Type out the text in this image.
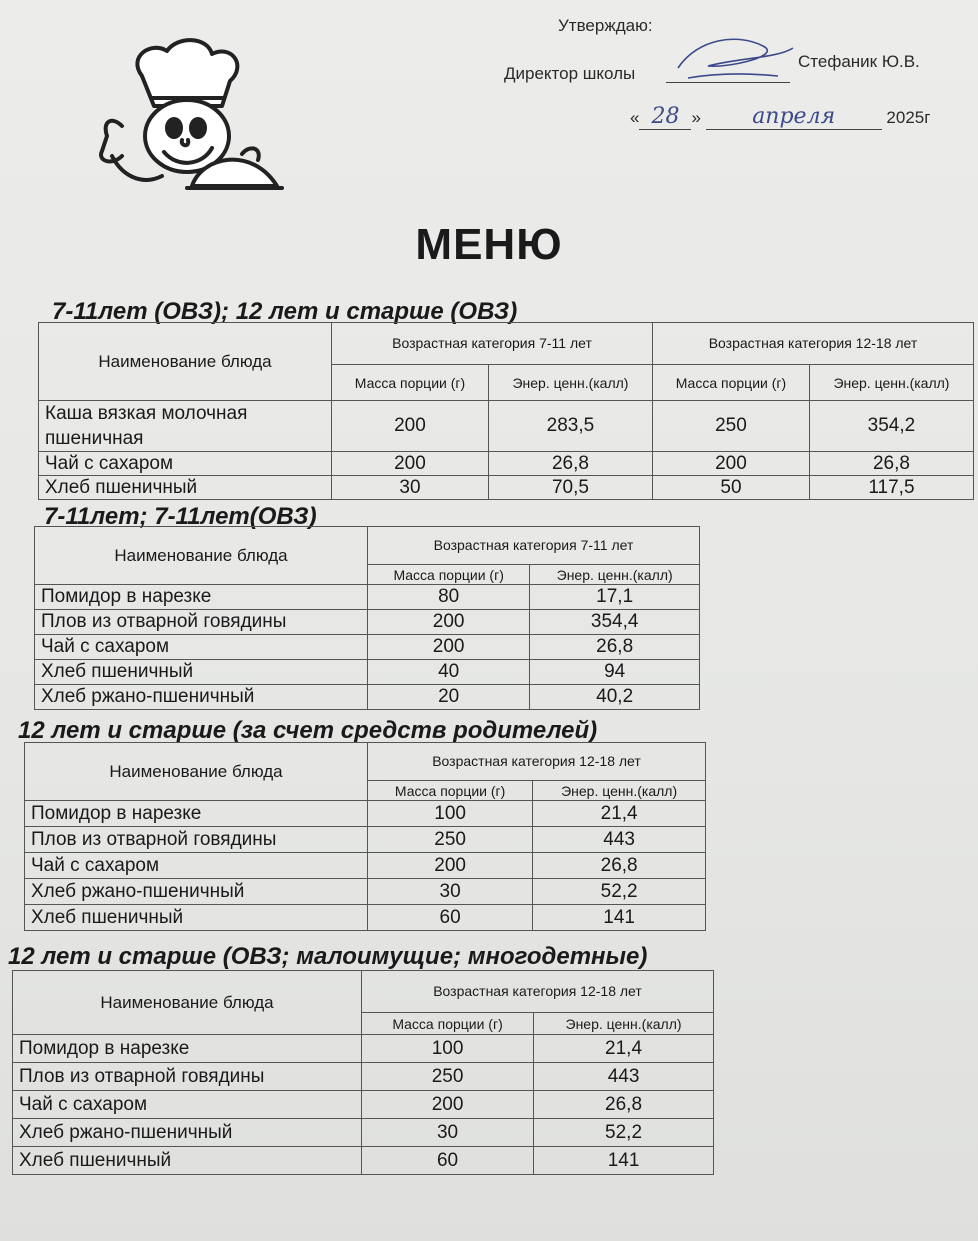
Утверждаю:
Директор школы
Стефаник Ю.В.
« 28 » апреля	2025г
МЕНЮ
7-11лет (ОВЗ); 12 лет и старше (ОВЗ)
Наименование блюда	Возрастная категория 7-11 лет		Возрастная категория 12-18 лет	
	Масса порции (г)	Энер. ценн.(калл)	Масса порции (г)	Энер. ценн.(калл)
Каша вязкая молочная пшеничная	200	283,5	250	354,2
Чай с сахаром	200	26,8	200	26,8
Хлеб пшеничный	30	70,5	50	117,5
7-11лет; 7-11лет(ОВЗ)
Наименование блюда	Возрастная категория 7-11 лет	
	Масса порции (г)	Энер. ценн.(калл)
Помидор в нарезке	80	17,1
Плов из отварной говядины	200	354,4
Чай с сахаром	200	26,8
Хлеб пшеничный	40	94
Хлеб ржано-пшеничный	20	40,2
12 лет и старше (за счет средств родителей)
Наименование блюда	Возрастная категория 12-18 лет	
	Масса порции (г)	Энер. ценн.(калл)
Помидор в нарезке	100	21,4
Плов из отварной говядины	250	443
Чай с сахаром	200	26,8
Хлеб ржано-пшеничный	30	52,2
Хлеб пшеничный	60	141
12 лет и старше (ОВЗ; малоимущие; многодетные)
Наименование блюда	Возрастная категория 12-18 лет	
	Масса порции (г)	Энер. ценн.(калл)
Помидор в нарезке	100	21,4
Плов из отварной говядины	250	443
Чай с сахаром	200	26,8
Хлеб ржано-пшеничный	30	52,2
Хлеб пшеничный	60	141
